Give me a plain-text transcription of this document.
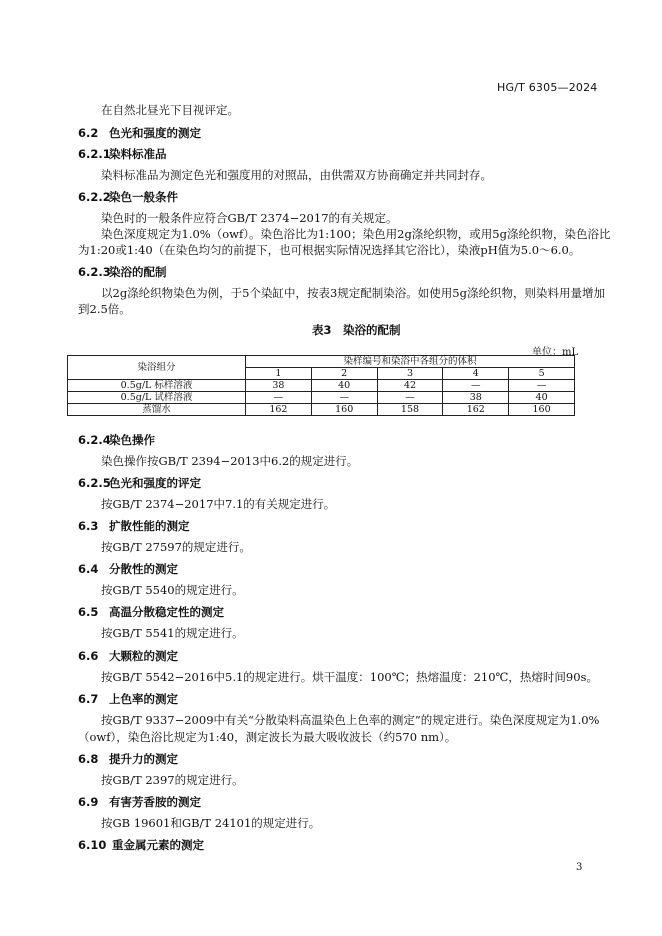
HG/T 6305—2024
在自然北昼光下目视评定。
6.2 色光和强度的测定
6.2.1染料标准品
染料标准品为测定色光和强度用的对照品，由供需双方协商确定并共同封存。
6.2.2染色一般条件
染色时的一般条件应符合GB/T 2374−2017的有关规定。
染色深度规定为1.0%（owf）。染色浴比为1:100；染色用2g涤纶织物，或用5g涤纶织物，染色浴比
为1:20或1:40（在染色均匀的前提下，也可根据实际情况选择其它浴比），染液pH值为5.0～6.0。
6.2.3染浴的配制
以2g涤纶织物染色为例，于5个染缸中，按表3规定配制染浴。如使用5g涤纶织物，则染料用量增加
到2.5倍。
表3　染浴的配制
单位：mL
染浴组分	染样编号和染浴中各组分的体积				
	1	2	3	4	5
0.5g/L 标样溶液	38	40	42	—	—
0.5g/L 试样溶液	—	—	—	38	40
蒸馏水	162	160	158	162	160
6.2.4染色操作
染色操作按GB/T 2394−2013中6.2的规定进行。
6.2.5色光和强度的评定
按GB/T 2374−2017中7.1的有关规定进行。
6.3 扩散性能的测定
按GB/T 27597的规定进行。
6.4 分散性的测定
按GB/T 5540的规定进行。
6.5 高温分散稳定性的测定
按GB/T 5541的规定进行。
6.6 大颗粒的测定
按GB/T 5542−2016中5.1的规定进行。烘干温度：100℃；热熔温度：210℃，热熔时间90s。
6.7 上色率的测定
按GB/T 9337−2009中有关“分散染料高温染色上色率的测定”的规定进行。染色深度规定为1.0%
（owf），染色浴比规定为1:40，测定波长为最大吸收波长（约570 nm）。
6.8 提升力的测定
按GB/T 2397的规定进行。
6.9 有害芳香胺的测定
按GB 19601和GB/T 24101的规定进行。
6.10 重金属元素的测定
3
